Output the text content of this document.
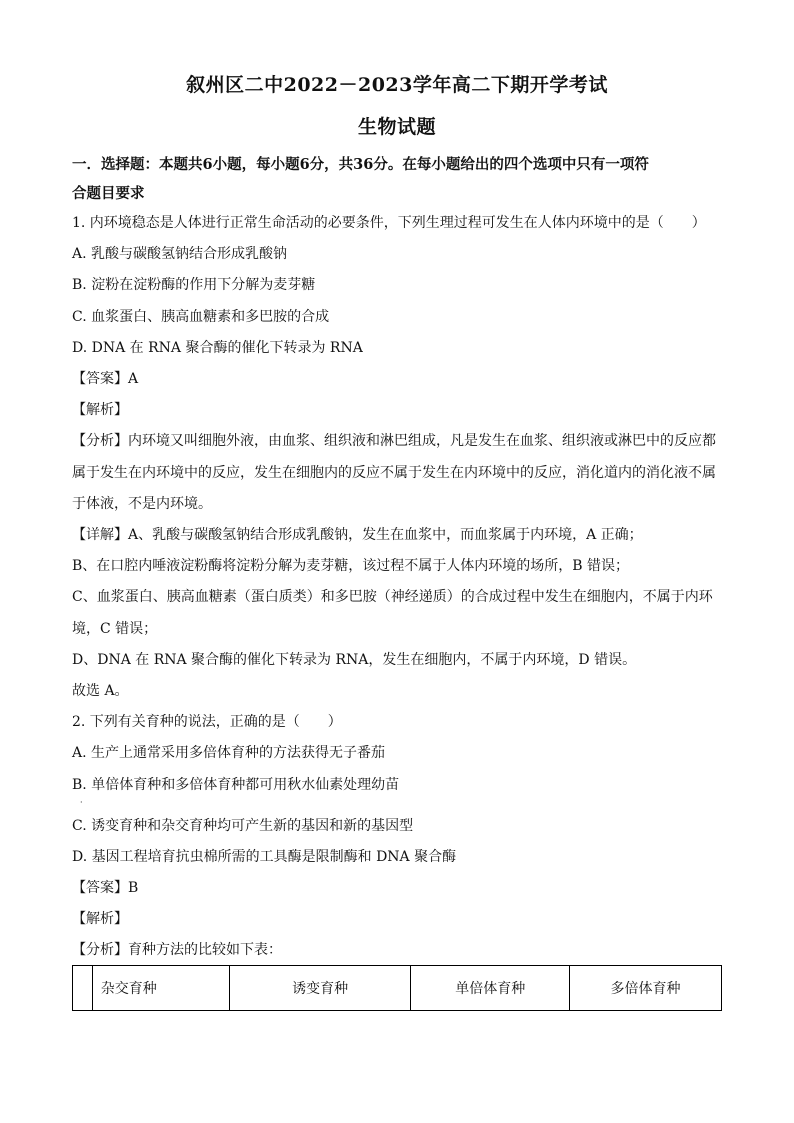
叙州区二中2022－2023学年高二下期开学考试
生物试题
一．选择题：本题共6小题，每小题6分，共36分。在每小题给出的四个选项中只有一项符
合题目要求
1. 内环境稳态是人体进行正常生命活动的必要条件，下列生理过程可发生在人体内环境中的是（　　）
A. 乳酸与碳酸氢钠结合形成乳酸钠
B. 淀粉在淀粉酶的作用下分解为麦芽糖
C. 血浆蛋白、胰高血糖素和多巴胺的合成
D. DNA 在 RNA 聚合酶的催化下转录为 RNA
【答案】A
【解析】
【分析】内环境又叫细胞外液，由血浆、组织液和淋巴组成，凡是发生在血浆、组织液或淋巴中的反应都
属于发生在内环境中的反应，发生在细胞内的反应不属于发生在内环境中的反应，消化道内的消化液不属
于体液，不是内环境。
【详解】A、乳酸与碳酸氢钠结合形成乳酸钠，发生在血浆中，而血浆属于内环境，A 正确；
B、在口腔内唾液淀粉酶将淀粉分解为麦芽糖，该过程不属于人体内环境的场所，B 错误；
C、血浆蛋白、胰高血糖素（蛋白质类）和多巴胺（神经递质）的合成过程中发生在细胞内，不属于内环
境，C 错误；
D、DNA 在 RNA 聚合酶的催化下转录为 RNA，发生在细胞内，不属于内环境，D 错误。
故选 A。
2. 下列有关育种的说法，正确的是（　　）
A. 生产上通常采用多倍体育种的方法获得无子番茄
B. 单倍体育种和多倍体育种都可用秋水仙素处理幼苗
·
C. 诱变育种和杂交育种均可产生新的基因和新的基因型
D. 基因工程培育抗虫棉所需的工具酶是限制酶和 DNA 聚合酶
【答案】B
【解析】
【分析】育种方法的比较如下表：
	杂交育种	诱变育种	单倍体育种	多倍体育种
